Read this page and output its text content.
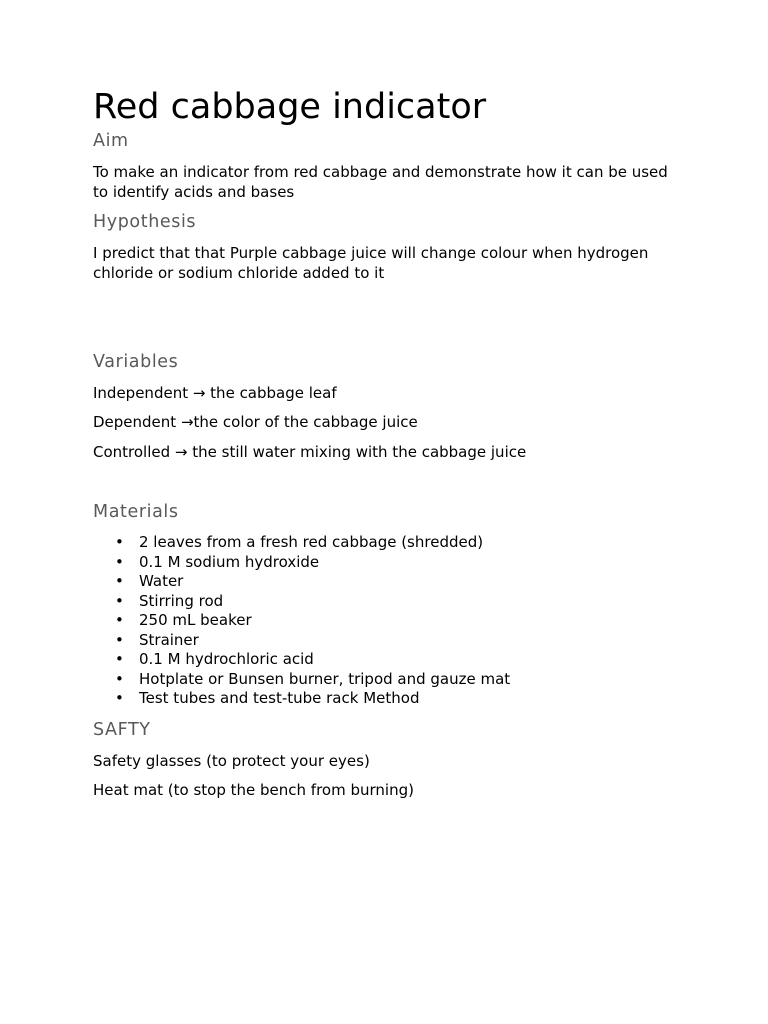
Red cabbage indicator
Aim

To make an indicator from red cabbage and demonstrate how it can be used to identify acids and bases

Hypothesis

I predict that that Purple cabbage juice will change colour when hydrogen chloride or sodium chloride added to it

Variables

Independent → the cabbage leaf

Dependent →the color of the cabbage juice

Controlled → the still water mixing with the cabbage juice

Materials
• 2 leaves from a fresh red cabbage (shredded)
• 0.1 M sodium hydroxide
• Water
• Stirring rod
• 250 mL beaker
• Strainer
• 0.1 M hydrochloric acid
• Hotplate or Bunsen burner, tripod and gauze mat
• Test tubes and test-tube rack Method
SAFTY

Safety glasses (to protect your eyes)

Heat mat (to stop the bench from burning)
